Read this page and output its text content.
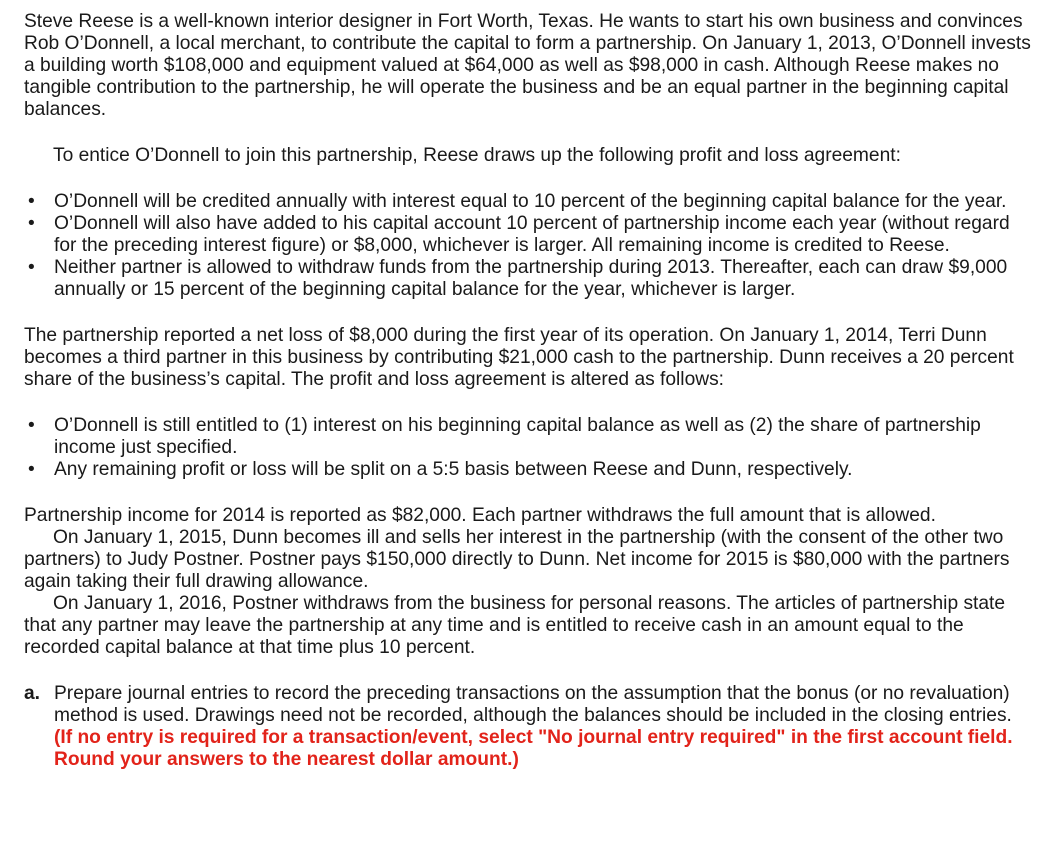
Steve Reese is a well-known interior designer in Fort Worth, Texas. He wants to start his own business and convinces Rob O’Donnell, a local merchant, to contribute the capital to form a partnership. On January 1, 2013, O’Donnell invests a building worth $108,000 and equipment valued at $64,000 as well as $98,000 in cash. Although Reese makes no tangible contribution to the partnership, he will operate the business and be an equal partner in the beginning capital balances.

To entice O’Donnell to join this partnership, Reese draws up the following profit and loss agreement:

• O’Donnell will be credited annually with interest equal to 10 percent of the beginning capital balance for the year.
• O’Donnell will also have added to his capital account 10 percent of partnership income each year (without regard for the preceding interest figure) or $8,000, whichever is larger. All remaining income is credited to Reese.
• Neither partner is allowed to withdraw funds from the partnership during 2013. Thereafter, each can draw $9,000 annually or 15 percent of the beginning capital balance for the year, whichever is larger.

The partnership reported a net loss of $8,000 during the first year of its operation. On January 1, 2014, Terri Dunn becomes a third partner in this business by contributing $21,000 cash to the partnership. Dunn receives a 20 percent share of the business’s capital. The profit and loss agreement is altered as follows:

• O’Donnell is still entitled to (1) interest on his beginning capital balance as well as (2) the share of partnership income just specified.
• Any remaining profit or loss will be split on a 5:5 basis between Reese and Dunn, respectively.

Partnership income for 2014 is reported as $82,000. Each partner withdraws the full amount that is allowed.

On January 1, 2015, Dunn becomes ill and sells her interest in the partnership (with the consent of the other two partners) to Judy Postner. Postner pays $150,000 directly to Dunn. Net income for 2015 is $80,000 with the partners again taking their full drawing allowance.

On January 1, 2016, Postner withdraws from the business for personal reasons. The articles of partnership state that any partner may leave the partnership at any time and is entitled to receive cash in an amount equal to the recorded capital balance at that time plus 10 percent.

a. Prepare journal entries to record the preceding transactions on the assumption that the bonus (or no revaluation) method is used. Drawings need not be recorded, although the balances should be included in the closing entries. (If no entry is required for a transaction/event, select "No journal entry required" in the first account field. Round your answers to the nearest dollar amount.)
